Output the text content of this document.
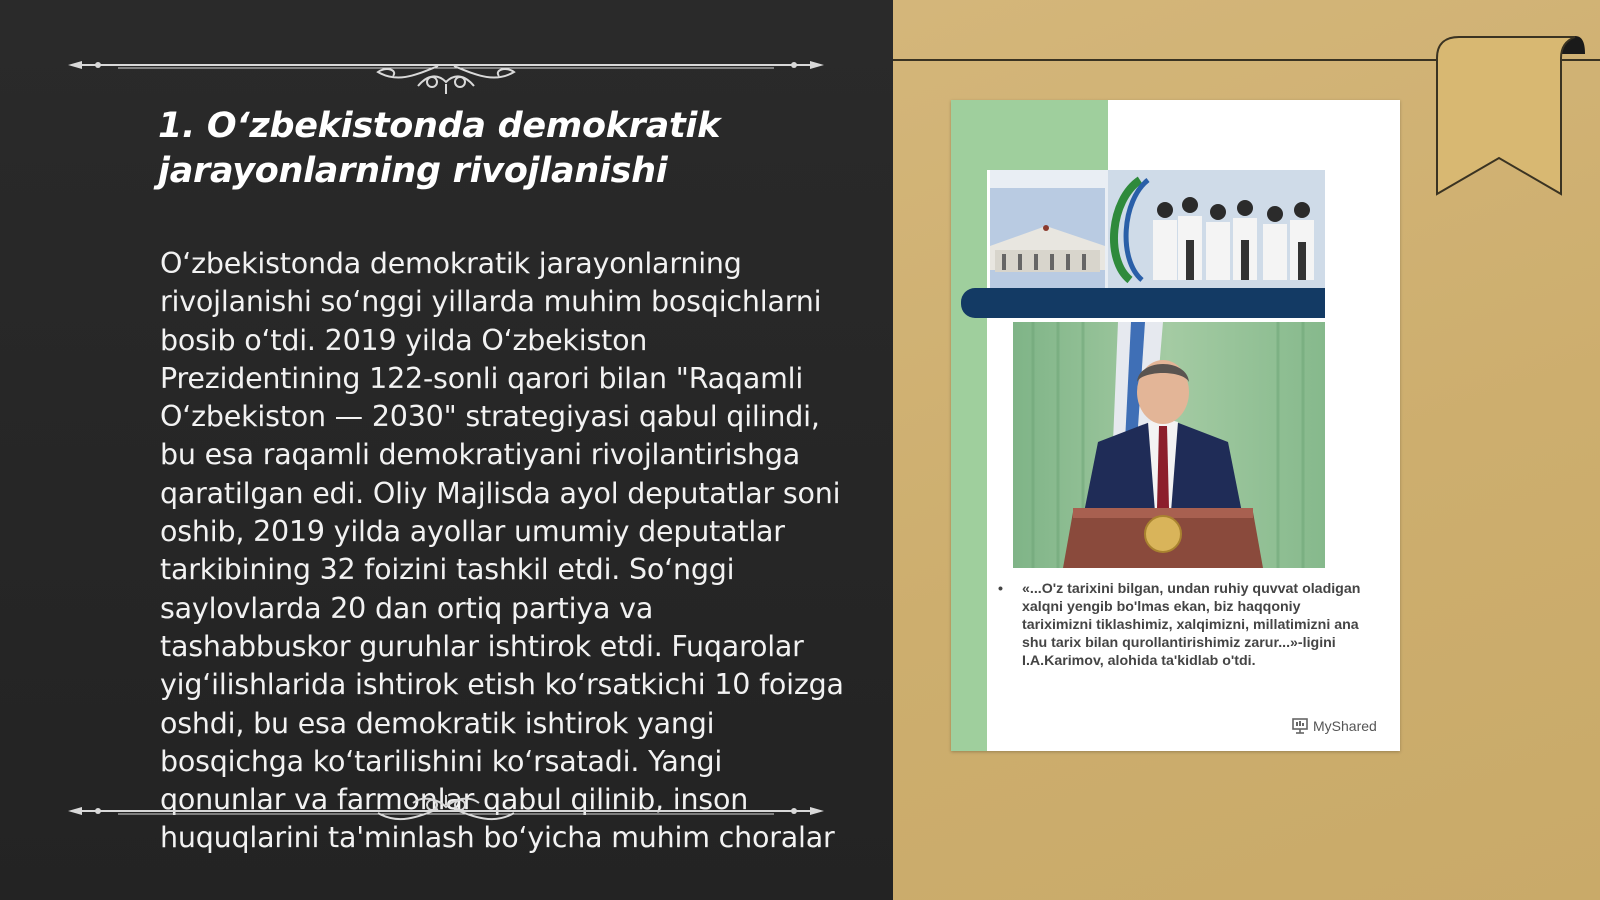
1. O‘zbekistonda demokratik jarayonlarning rivojlanishi

O‘zbekistonda demokratik jarayonlarning rivojlanishi so‘nggi yillarda muhim bosqichlarni bosib o‘tdi. 2019 yilda O‘zbekiston Prezidentining 122-sonli qarori bilan "Raqamli O‘zbekiston — 2030" strategiyasi qabul qilindi, bu esa raqamli demokratiyani rivojlantirishga qaratilgan edi. Oliy Majlisda ayol deputatlar soni oshib, 2019 yilda ayollar umumiy deputatlar tarkibining 32 foizini tashkil etdi. So‘nggi saylovlarda 20 dan ortiq partiya va tashabbuskor guruhlar ishtirok etdi. Fuqarolar yig‘ilishlarida ishtirok etish ko‘rsatkichi 10 foizga oshdi, bu esa demokratik ishtirok yangi bosqichga ko‘tarilishini ko‘rsatadi. Yangi qonunlar va farmonlar qabul qilinib, inson huquqlarini ta'minlash bo‘yicha muhim choralar

•	«...O'z tarixini bilgan, undan ruhiy quvvat oladigan xalqni yengib bo'lmas ekan, biz haqqoniy tariximizni tiklashimiz, xalqimizni, millatimizni ana shu tarix bilan qurollantirishimiz zarur...»-ligini I.A.Karimov, alohida ta'kidlab o'tdi.
MyShared
